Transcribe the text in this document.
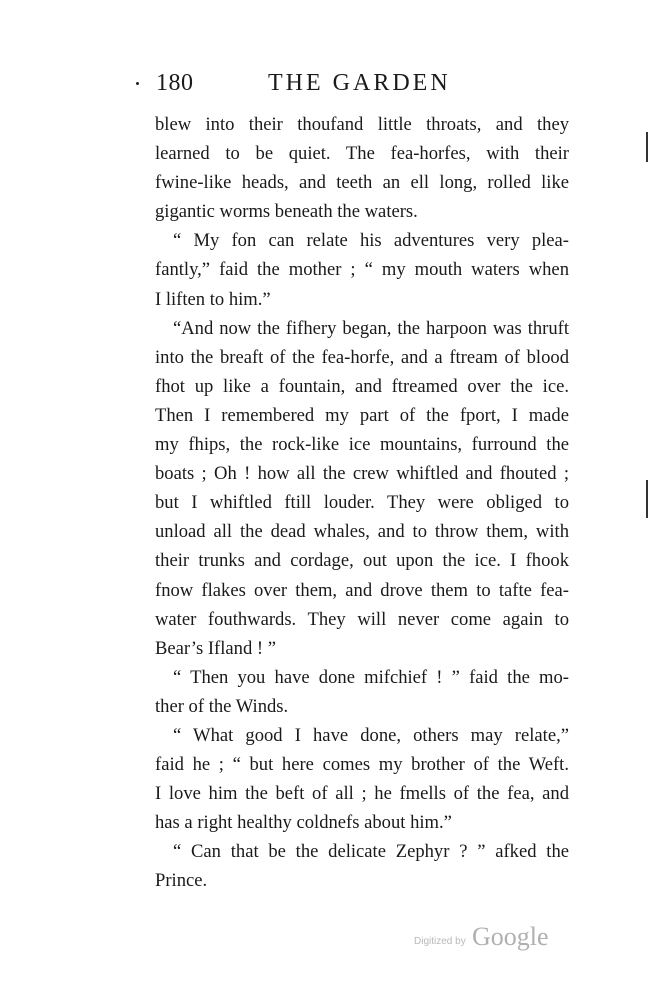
180	THE GARDEN
blew into their thoufand little throats, and they
learned to be quiet. The fea-horfes, with their
fwine-like heads, and teeth an ell long, rolled like
gigantic worms beneath the waters.
“ My fon can relate his adventures very plea-
fantly,” faid the mother ; “ my mouth waters when
I liften to him.”
“And now the fifhery began, the harpoon was thruft
into the breaft of the fea-horfe, and a ftream of blood
fhot up like a fountain, and ftreamed over the ice.
Then I remembered my part of the fport, I made
my fhips, the rock-like ice mountains, furround the
boats ; Oh ! how all the crew whiftled and fhouted ;
but I whiftled ftill louder. They were obliged to
unload all the dead whales, and to throw them, with
their trunks and cordage, out upon the ice. I fhook
fnow flakes over them, and drove them to tafte fea-
water fouthwards. They will never come again to
Bear’s Ifland ! ”
“ Then you have done mifchief ! ” faid the mo-
ther of the Winds.
“ What good I have done, others may relate,”
faid he ; “ but here comes my brother of the Weft.
I love him the beft of all ; he fmells of the fea, and
has a right healthy coldnefs about him.”
“ Can that be the delicate Zephyr ? ” afked the
Prince.
Digitized by Google
